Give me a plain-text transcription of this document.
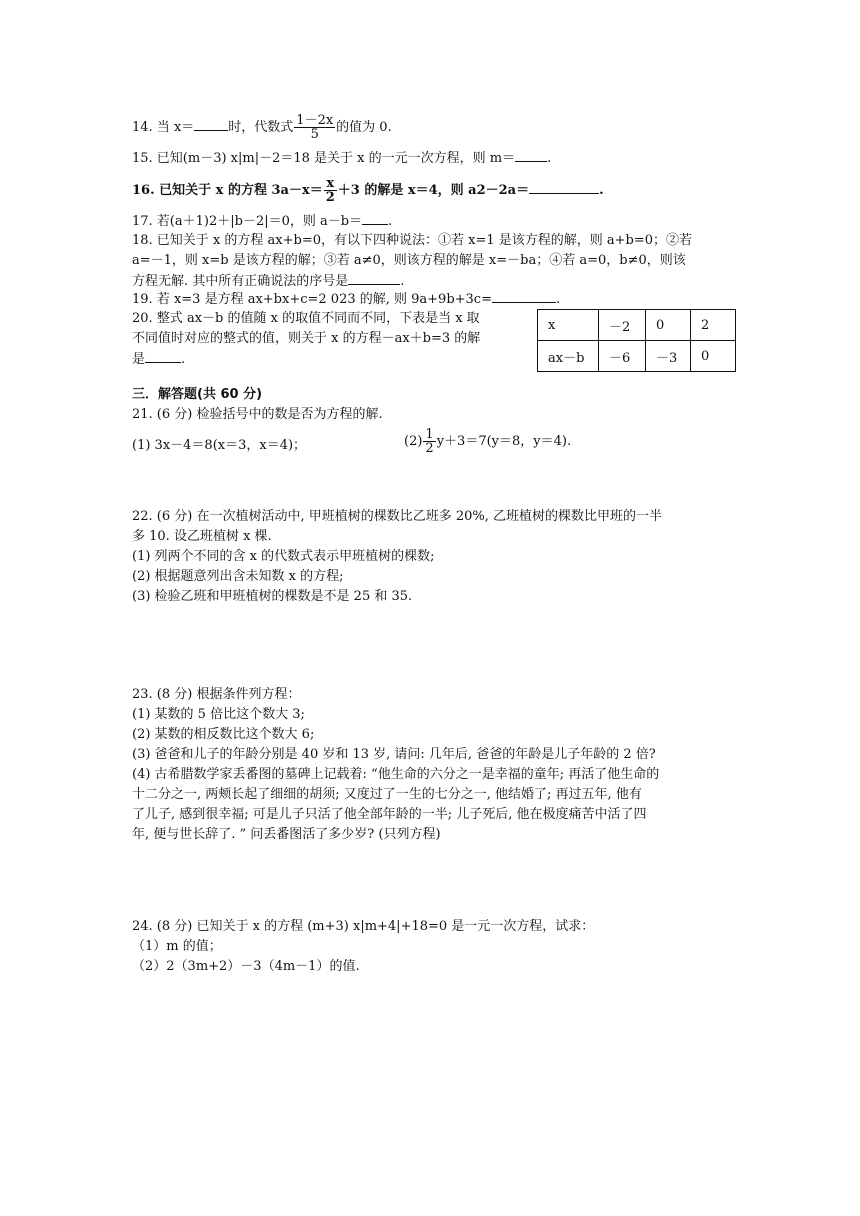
14. 当 x＝	时，代数式 $\frac{1-2x}{5}$ 的值为 0.
15. 已知(m－3) x|m|－2＝18 是关于 x 的一元一次方程，则 m＝ .
16. 已知关于 x 的方程 $3a-x= \frac{x}{2} +3$ 的解是 x＝4，则 a2－2a＝	.
17. 若(a＋1)2＋|b－2|＝0，则 a－b＝ .
18. 已知关于 x 的方程 ax+b=0，有以下四种说法：①若 x=1 是该方程的解，则 a+b=0；②若
a=－1，则 x=b 是该方程的解；③若 a≠0，则该方程的解是 x=－ba；④若 a=0，b≠0，则该
方程无解. 其中所有正确说法的序号是	.
19. 若 x=3 是方程 ax+bx+c=2 023 的解, 则 9a+9b+3c=	.
20. 整式 ax－b 的值随 x 的取值不同而不同，下表是当 x 取
不同值时对应的整式的值，则关于 x 的方程－ax＋b=3 的解
是	.
x	－2	0	2
ax－b	－6	－3	0
三．解答题(共 60 分)
21. (6 分) 检验括号中的数是否为方程的解.
(1) 3x－4＝8(x＝3，x＝4)；	$(2) \frac{1}{2} y+3=7(y=8$，y＝4).
22. (6 分) 在一次植树活动中, 甲班植树的棵数比乙班多 20%, 乙班植树的棵数比甲班的一半
多 10. 设乙班植树 x 棵.
(1) 列两个不同的含 x 的代数式表示甲班植树的棵数;
(2) 根据题意列出含未知数 x 的方程;
(3) 检验乙班和甲班植树的棵数是不是 25 和 35.
23. (8 分) 根据条件列方程：
(1) 某数的 5 倍比这个数大 3;
(2) 某数的相反数比这个数大 6;
(3) 爸爸和儿子的年龄分别是 40 岁和 13 岁, 请问: 几年后, 爸爸的年龄是儿子年龄的 2 倍?
(4) 古希腊数学家丢番图的墓碑上记载着: “他生命的六分之一是幸福的童年; 再活了他生命的
十二分之一, 两颊长起了细细的胡须; 又度过了一生的七分之一, 他结婚了; 再过五年, 他有
了儿子, 感到很幸福; 可是儿子只活了他全部年龄的一半; 儿子死后, 他在极度痛苦中活了四
年, 便与世长辞了. ” 问丢番图活了多少岁? (只列方程)
24. (8 分) 已知关于 x 的方程 (m+3) x|m+4|+18=0 是一元一次方程，试求：
（1）m 的值；
（2）2（3m+2）－3（4m－1）的值.
